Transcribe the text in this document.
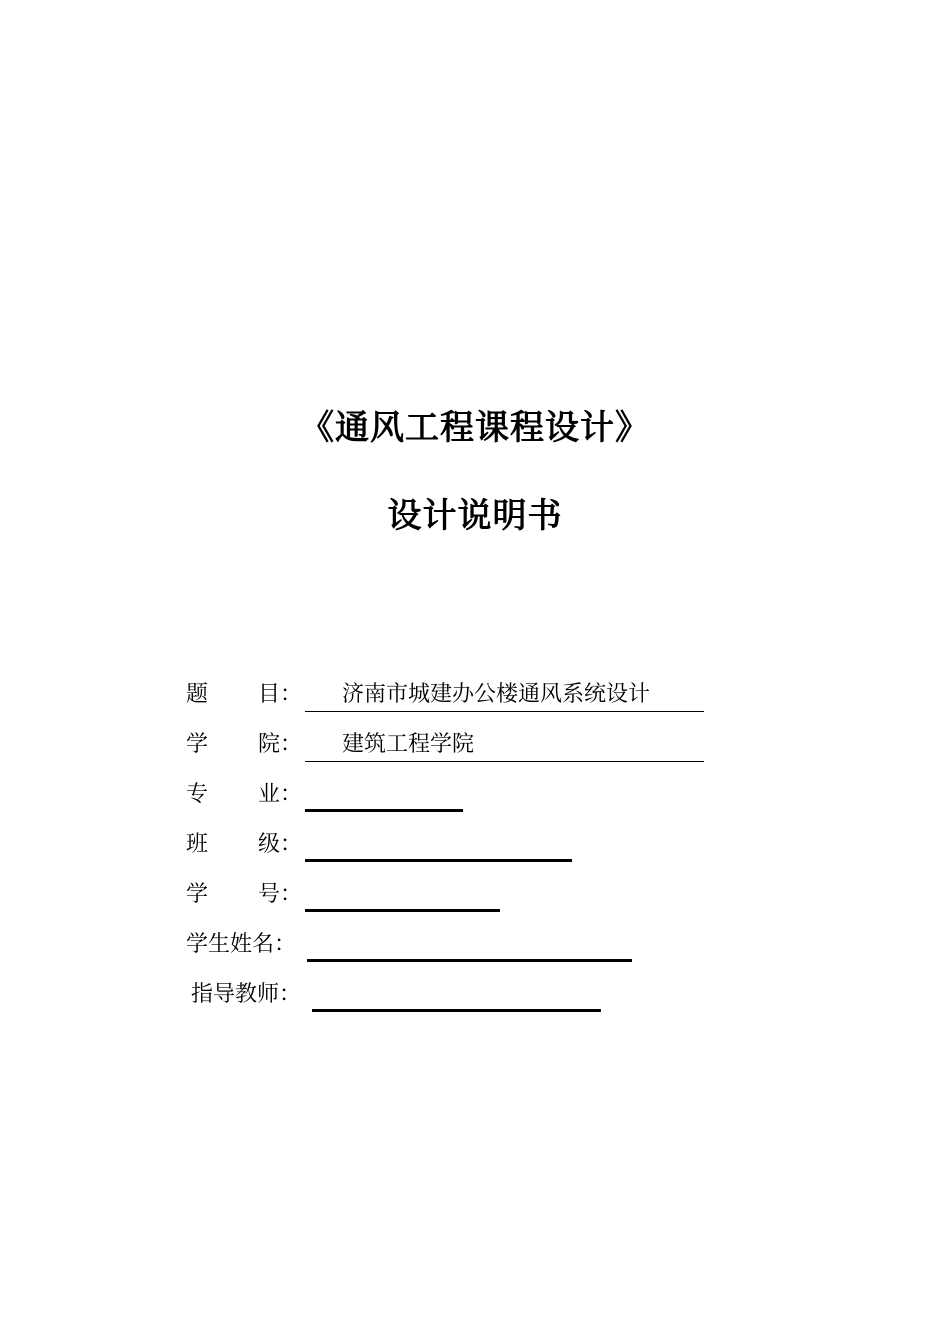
《通风工程课程设计》
设计说明书
题 目 ： 济南市城建办公楼通风系统设计
学 院 ： 建筑工程学院
专 业 ：
班 级 ：
学 号 ：
学生姓名：
指导教师：
